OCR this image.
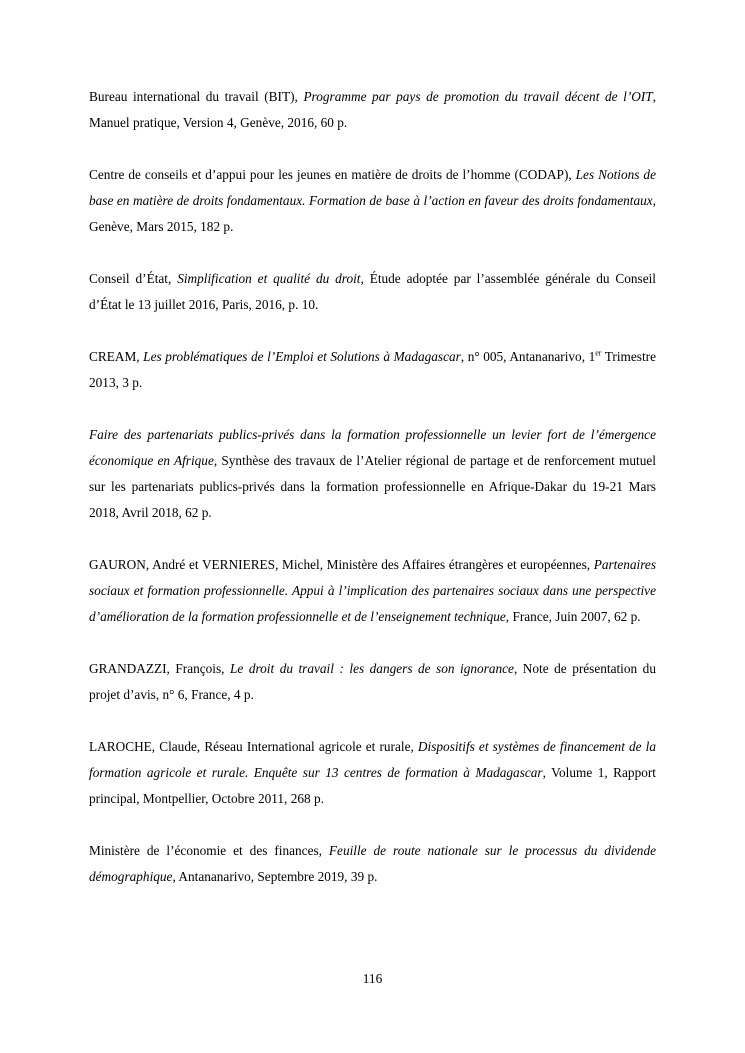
Bureau international du travail (BIT), Programme par pays de promotion du travail décent de l’OIT, Manuel pratique, Version 4, Genève, 2016, 60 p.

Centre de conseils et d’appui pour les jeunes en matière de droits de l’homme (CODAP), Les Notions de base en matière de droits fondamentaux. Formation de base à l’action en faveur des droits fondamentaux, Genève, Mars 2015, 182 p.

Conseil d’État, Simplification et qualité du droit, Étude adoptée par l’assemblée générale du Conseil d’État le 13 juillet 2016, Paris, 2016, p. 10.

CREAM, Les problématiques de l’Emploi et Solutions à Madagascar, n° 005, Antananarivo, 1er Trimestre 2013, 3 p.

Faire des partenariats publics-privés dans la formation professionnelle un levier fort de l’émergence économique en Afrique, Synthèse des travaux de l’Atelier régional de partage et de renforcement mutuel sur les partenariats publics-privés dans la formation professionnelle en Afrique-Dakar du 19-21 Mars 2018, Avril 2018, 62 p.

GAURON, André et VERNIERES, Michel, Ministère des Affaires étrangères et européennes, Partenaires sociaux et formation professionnelle. Appui à l’implication des partenaires sociaux dans une perspective d’amélioration de la formation professionnelle et de l’enseignement technique, France, Juin 2007, 62 p.

GRANDAZZI, François, Le droit du travail : les dangers de son ignorance, Note de présentation du projet d’avis, n° 6, France, 4 p.

LAROCHE, Claude, Réseau International agricole et rurale, Dispositifs et systèmes de financement de la formation agricole et rurale. Enquête sur 13 centres de formation à Madagascar, Volume 1, Rapport principal, Montpellier, Octobre 2011, 268 p.

Ministère de l’économie et des finances, Feuille de route nationale sur le processus du dividende démographique, Antananarivo, Septembre 2019, 39 p.

116
